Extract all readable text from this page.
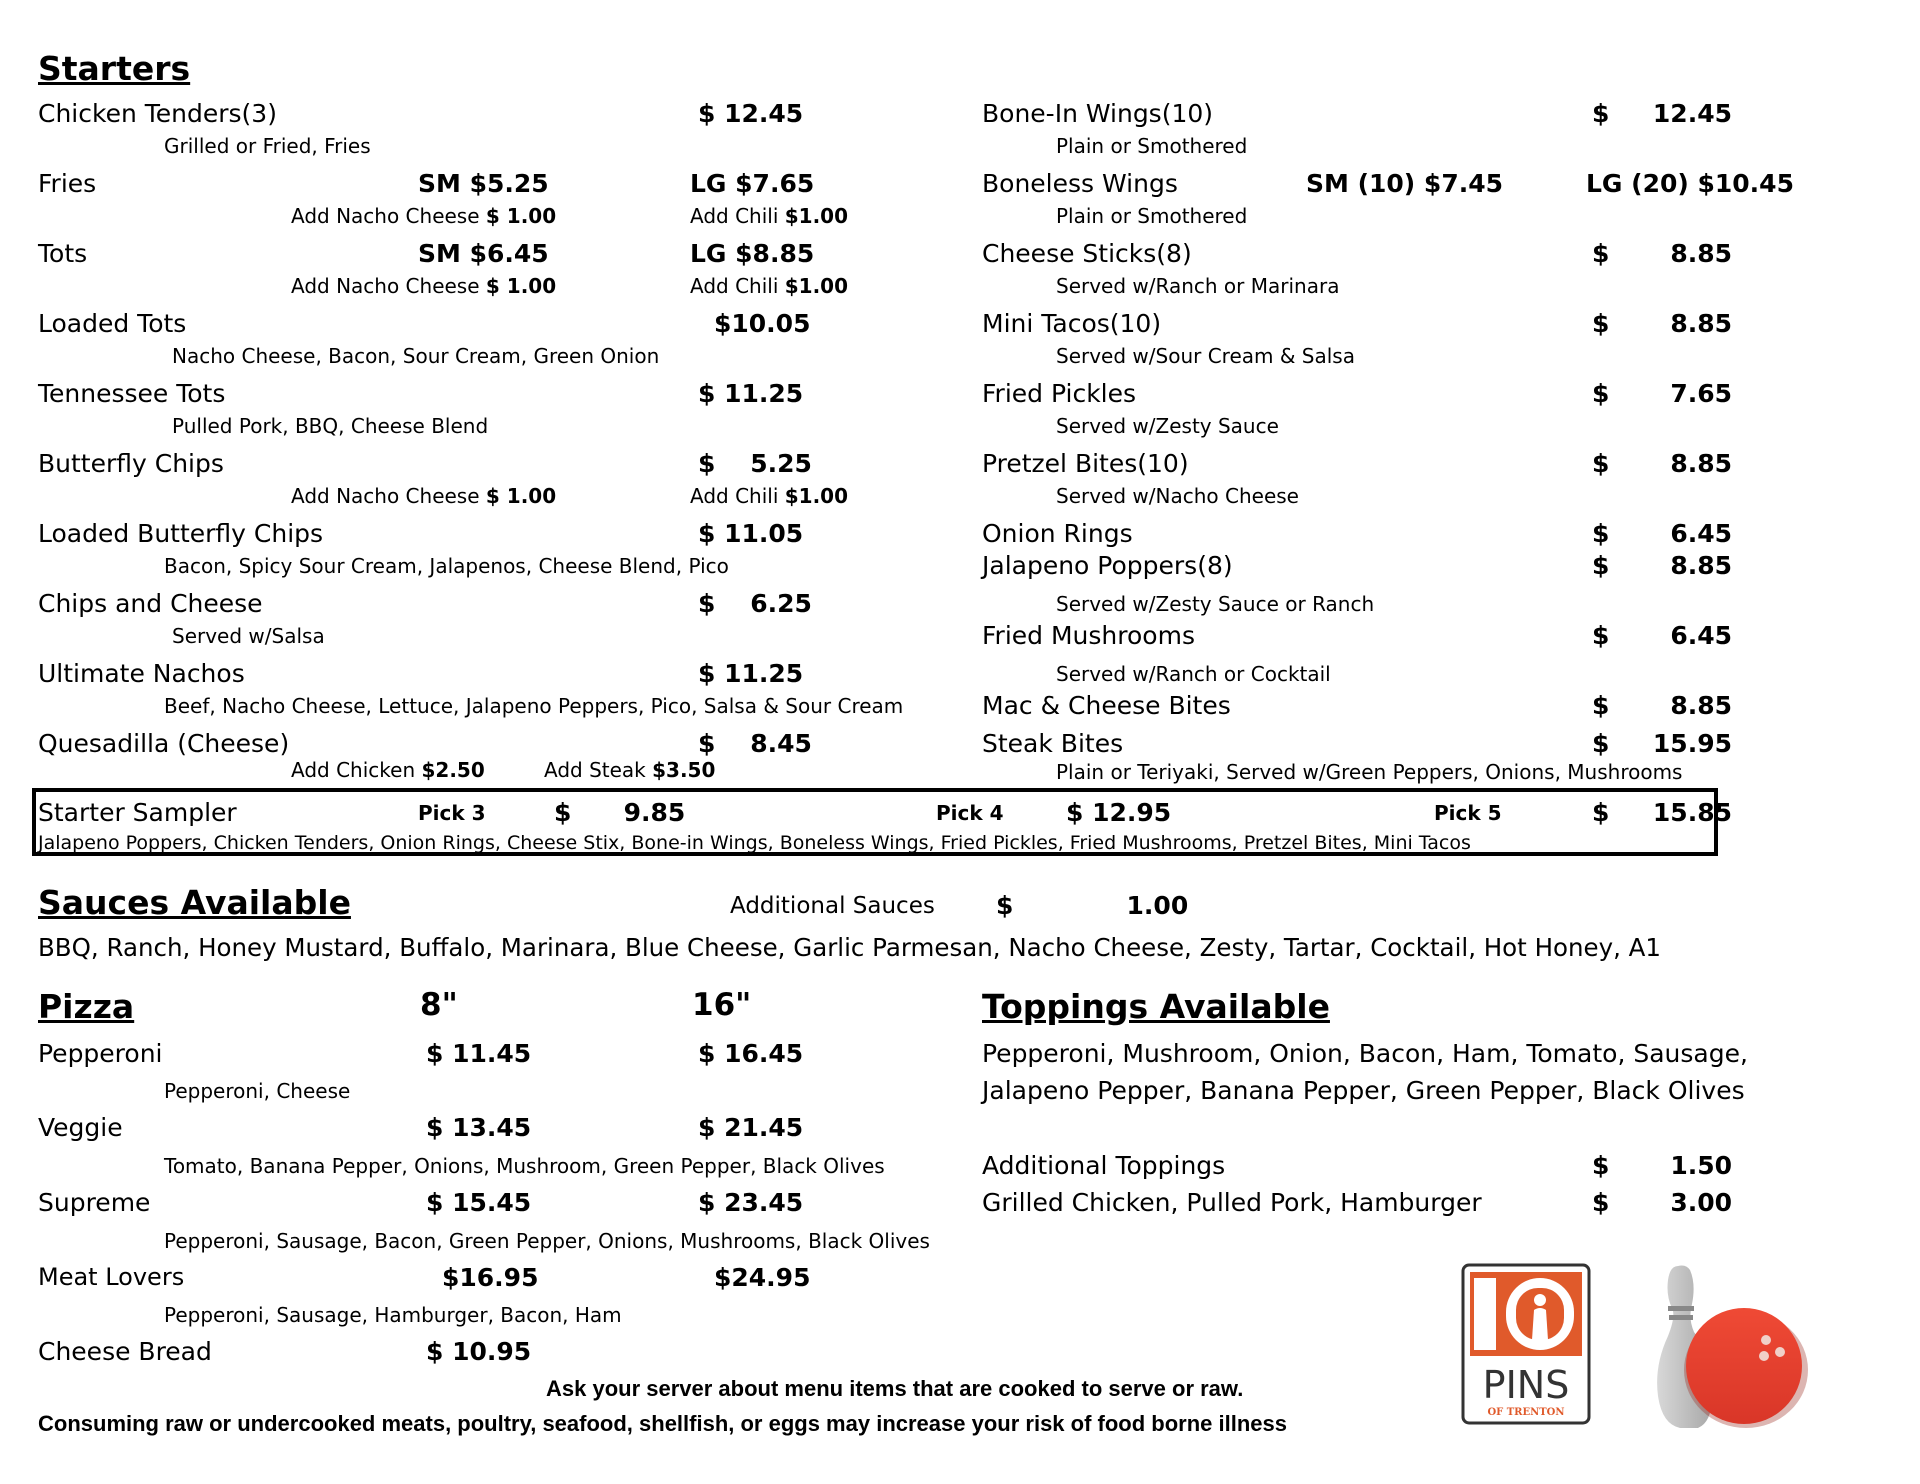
Starters
Chicken Tenders(3)	$ 12.45
Grilled or Fried, Fries
Fries	SM $5.25	LG $7.65
Add Nacho Cheese $ 1.00	Add Chili $1.00
Tots	SM $6.45	LG $8.85
Add Nacho Cheese $ 1.00	Add Chili $1.00
Loaded Tots	$10.05
Nacho Cheese, Bacon, Sour Cream, Green Onion
Tennessee Tots	$ 11.25
Pulled Pork, BBQ, Cheese Blend
Butterfly Chips	$    5.25
Add Nacho Cheese $ 1.00	Add Chili $1.00
Loaded Butterfly Chips	$ 11.05
Bacon, Spicy Sour Cream, Jalapenos, Cheese Blend, Pico
Chips and Cheese	$    6.25
Served w/Salsa
Ultimate Nachos	$ 11.25
Beef, Nacho Cheese, Lettuce, Jalapeno Peppers, Pico, Salsa & Sour Cream
Quesadilla (Cheese)	$    8.45
Add Chicken $2.50	Add Steak $3.50
Bone-In Wings(10)	$     12.45
Plain or Smothered
Boneless Wings	SM (10) $7.45	LG (20) $10.45
Plain or Smothered
Cheese Sticks(8)	$       8.85
Served w/Ranch or Marinara
Mini Tacos(10)	$       8.85
Served w/Sour Cream & Salsa
Fried Pickles	$       7.65
Served w/Zesty Sauce
Pretzel Bites(10)	$       8.85
Served w/Nacho Cheese
Onion Rings	$       6.45
Jalapeno Poppers(8)	$       8.85
Served w/Zesty Sauce or Ranch
Fried Mushrooms	$       6.45
Served w/Ranch or Cocktail
Mac & Cheese Bites	$       8.85
Steak Bites	$     15.95
Plain or Teriyaki, Served w/Green Peppers, Onions, Mushrooms
Starter Sampler	Pick 3	$      9.85	Pick 4 $ 12.95	Pick 5	$     15.85
Jalapeno Poppers, Chicken Tenders, Onion Rings, Cheese Stix, Bone-in Wings, Boneless Wings, Fried Pickles, Fried Mushrooms, Pretzel Bites, Mini Tacos
Sauces Available	Additional Sauces $             1.00
BBQ, Ranch, Honey Mustard, Buffalo, Marinara, Blue Cheese, Garlic Parmesan, Nacho Cheese, Zesty, Tartar, Cocktail, Hot Honey, A1
Pizza	8"	16"
Pepperoni	$ 11.45	$ 16.45
Pepperoni, Cheese
Veggie	$ 13.45	$ 21.45
Tomato, Banana Pepper, Onions, Mushroom, Green Pepper, Black Olives
Supreme	$ 15.45	$ 23.45
Pepperoni, Sausage, Bacon, Green Pepper, Onions, Mushrooms, Black Olives
Meat Lovers	$16.95	$24.95
Pepperoni, Sausage, Hamburger, Bacon, Ham
Cheese Bread	$ 10.95
Toppings Available
Pepperoni, Mushroom, Onion, Bacon, Ham, Tomato, Sausage,
Jalapeno Pepper, Banana Pepper, Green Pepper, Black Olives
Additional Toppings	$       1.50
Grilled Chicken, Pulled Pork, Hamburger	$       3.00
Ask your server about menu items that are cooked to serve or raw.
Consuming raw or undercooked meats, poultry, seafood, shellfish, or eggs may increase your risk of food borne illness
PINS
OF TRENTON
